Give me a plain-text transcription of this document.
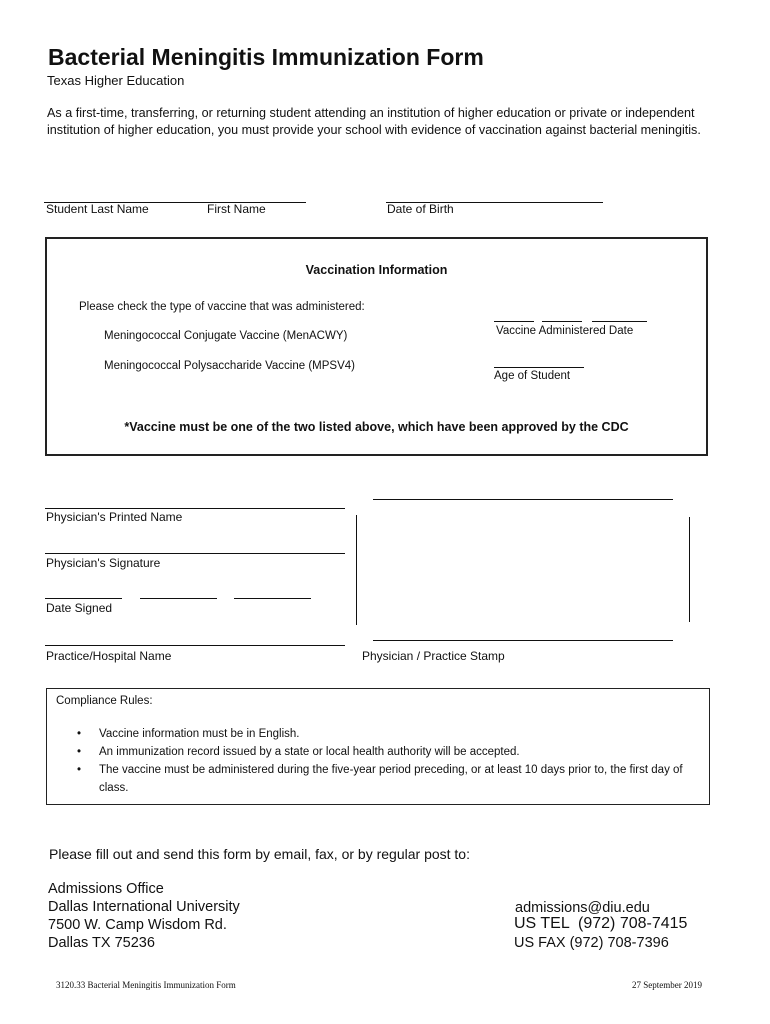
Bacterial Meningitis Immunization Form
Texas Higher Education
As a first-time, transferring, or returning student attending an institution of higher education or private or independent institution of higher education, you must provide your school with evidence of vaccination against bacterial meningitis.
Student Last Name	First Name	Date of Birth
Vaccination Information
Please check the type of vaccine that was administered:
Meningococcal Conjugate Vaccine (MenACWY)
Meningococcal Polysaccharide Vaccine (MPSV4)
Vaccine Administered Date
Age of Student
*Vaccine must be one of the two listed above, which have been approved by the CDC
Physician's Printed Name
Physician's Signature
Date Signed
Practice/Hospital Name	Physician / Practice Stamp
Compliance Rules:
• Vaccine information must be in English.
• An immunization record issued by a state or local health authority will be accepted.
• The vaccine must be administered during the five-year period preceding, or at least 10 days prior to, the first day of class.
Please fill out and send this form by email, fax, or by regular post to:
Admissions Office
Dallas International University
7500 W. Camp Wisdom Rd.
Dallas TX 75236
admissions@diu.edu
US TEL  (972) 708-7415
US FAX (972) 708-7396
3120.33 Bacterial Meningitis Immunization Form	27 September 2019
